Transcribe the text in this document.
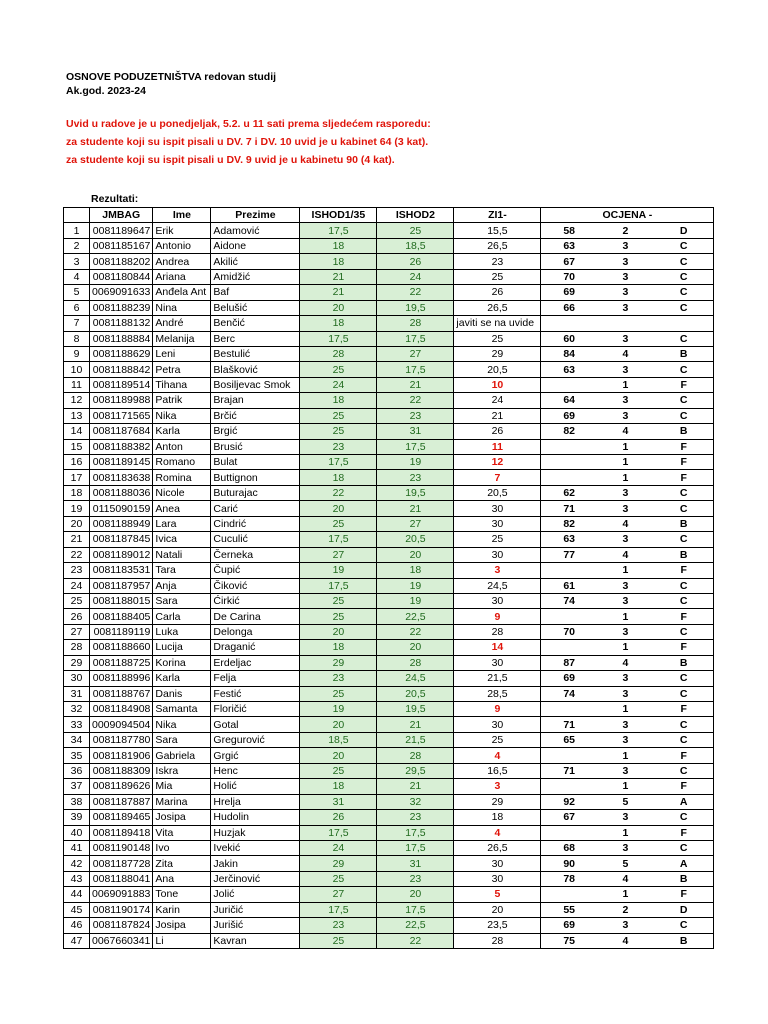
OSNOVE PODUZETNIŠTVA redovan studij
Ak.god. 2023-24
Uvid u radove je u ponedjeljak, 5.2. u 11 sati prema sljedećem rasporedu:
za studente koji su ispit pisali u DV. 7 i DV. 10 uvid je u kabinet 64 (3 kat).
za studente koji su ispit pisali u DV. 9 uvid je u kabinetu 90 (4 kat).
Rezultati:
	JMBAG	Ime	Prezime	ISHOD1/35	ISHOD2	ZI1-	OCJENA -		
1	0081189647	Erik	Adamović	17,5	25	15,5	58	2	D
2	0081185167	Antonio	Aidone	18	18,5	26,5	63	3	C
3	0081188202	Andrea	Akilić	18	26	23	67	3	C
4	0081180844	Ariana	Amidžić	21	24	25	70	3	C
5	0069091633	Anđela Ant	Baf	21	22	26	69	3	C
6	0081188239	Nina	Belušić	20	19,5	26,5	66	3	C
7	0081188132	André	Benčić	18	28	javiti se na uvide			
8	0081188884	Melanija	Berc	17,5	17,5	25	60	3	C
9	0081188629	Leni	Bestulić	28	27	29	84	4	B
10	0081188842	Petra	Blašković	25	17,5	20,5	63	3	C
11	0081189514	Tihana	Bosiljevac Smok	24	21	10		1	F
12	0081189988	Patrik	Brajan	18	22	24	64	3	C
13	0081171565	Nika	Brčić	25	23	21	69	3	C
14	0081187684	Karla	Brgić	25	31	26	82	4	B
15	0081188382	Anton	Brusić	23	17,5	11		1	F
16	0081189145	Romano	Bulat	17,5	19	12		1	F
17	0081183638	Romina	Buttignon	18	23	7		1	F
18	0081188036	Nicole	Buturajac	22	19,5	20,5	62	3	C
19	0115090159	Anea	Carić	20	21	30	71	3	C
20	0081188949	Lara	Cindrić	25	27	30	82	4	B
21	0081187845	Ivica	Cuculić	17,5	20,5	25	63	3	C
22	0081189012	Natali	Černeka	27	20	30	77	4	B
23	0081183531	Tara	Čupić	19	18	3		1	F
24	0081187957	Anja	Čiković	17,5	19	24,5	61	3	C
25	0081188015	Sara	Ćirkić	25	19	30	74	3	C
26	0081188405	Carla	De Carina	25	22,5	9		1	F
27	0081189119	Luka	Delonga	20	22	28	70	3	C
28	0081188660	Lucija	Draganić	18	20	14		1	F
29	0081188725	Korina	Erdeljac	29	28	30	87	4	B
30	0081188996	Karla	Felja	23	24,5	21,5	69	3	C
31	0081188767	Danis	Festić	25	20,5	28,5	74	3	C
32	0081184908	Samanta	Floričić	19	19,5	9		1	F
33	0009094504	Nika	Gotal	20	21	30	71	3	C
34	0081187780	Sara	Gregurović	18,5	21,5	25	65	3	C
35	0081181906	Gabriela	Grgić	20	28	4		1	F
36	0081188309	Iskra	Henc	25	29,5	16,5	71	3	C
37	0081189626	Mia	Holić	18	21	3		1	F
38	0081187887	Marina	Hrelja	31	32	29	92	5	A
39	0081189465	Josipa	Hudolin	26	23	18	67	3	C
40	0081189418	Vita	Huzjak	17,5	17,5	4		1	F
41	0081190148	Ivo	Ivekić	24	17,5	26,5	68	3	C
42	0081187728	Zita	Jakin	29	31	30	90	5	A
43	0081188041	Ana	Jerčinović	25	23	30	78	4	B
44	0069091883	Tone	Jolić	27	20	5		1	F
45	0081190174	Karin	Juričić	17,5	17,5	20	55	2	D
46	0081187824	Josipa	Jurišić	23	22,5	23,5	69	3	C
47	0067660341	Li	Kavran	25	22	28	75	4	B
